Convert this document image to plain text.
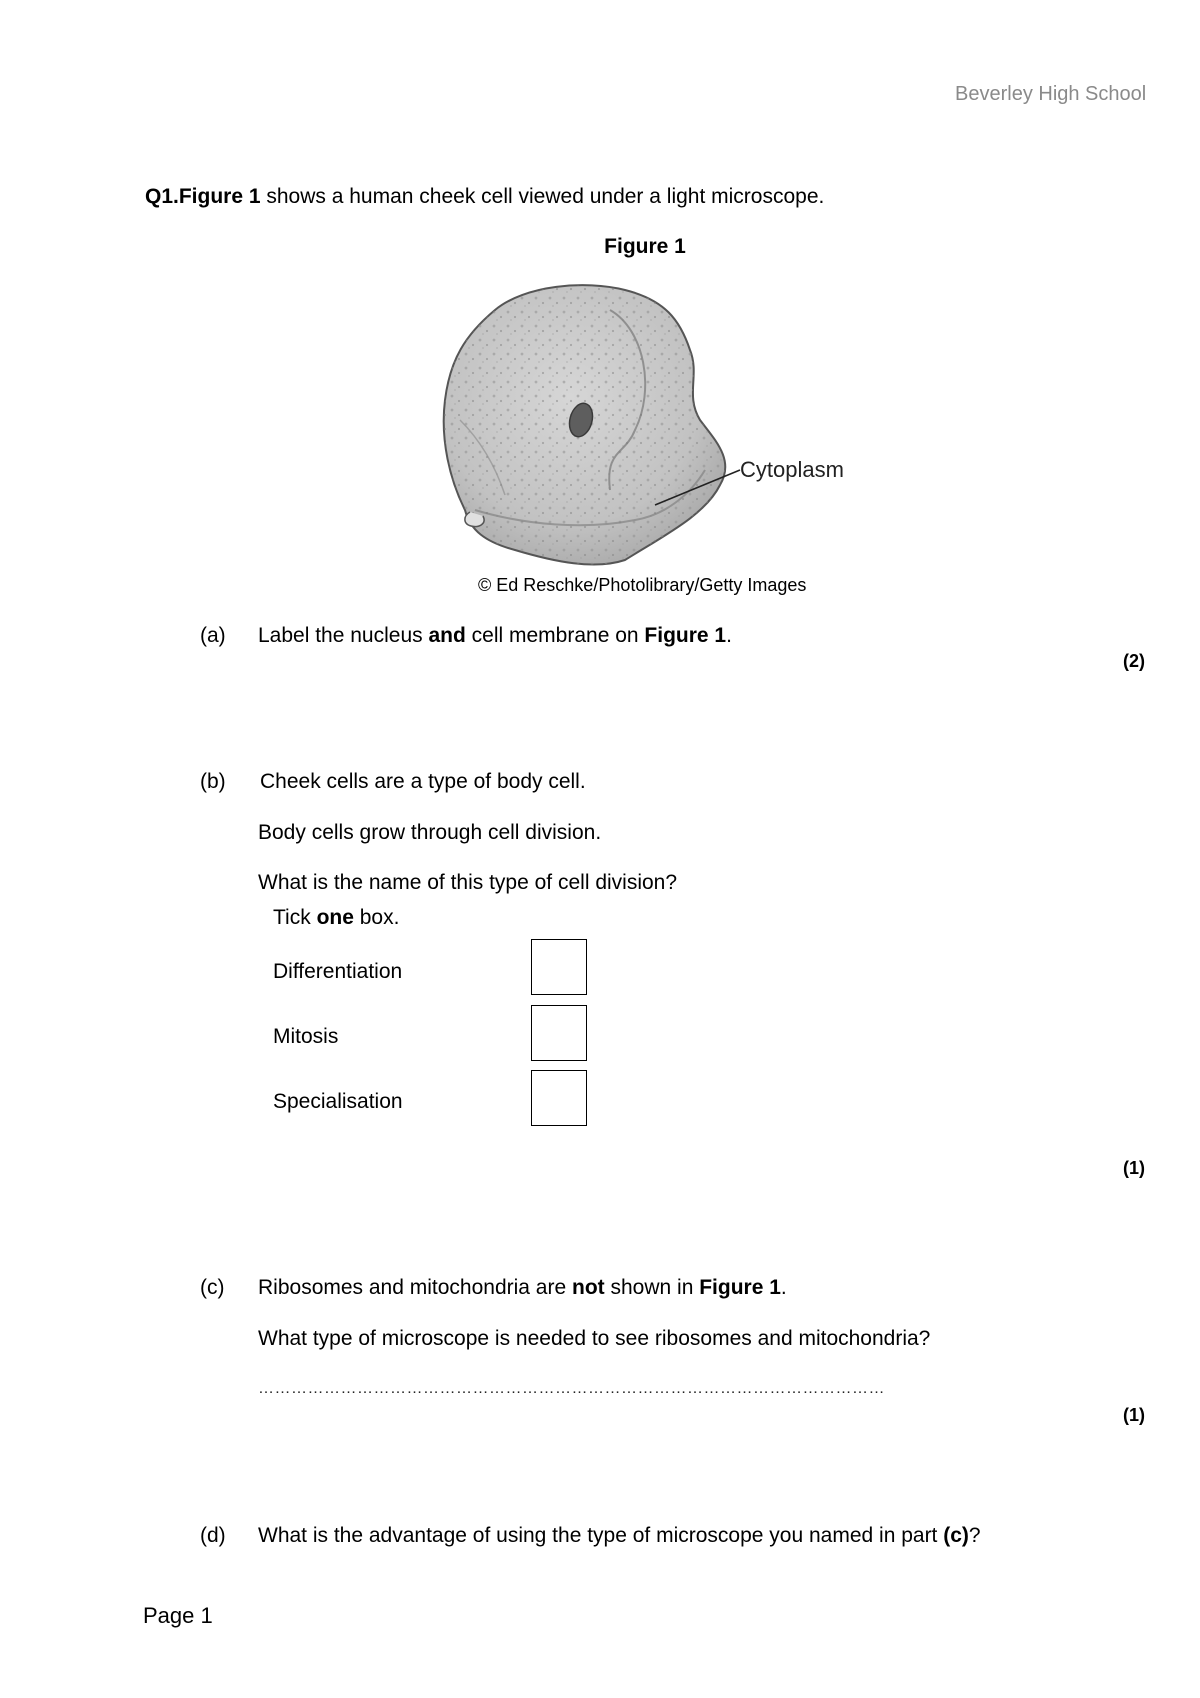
Beverley High School
Q1.Figure 1 shows a human cheek cell viewed under a light microscope.
Figure 1
Cytoplasm
© Ed Reschke/Photolibrary/Getty Images
(a) Label the nucleus and cell membrane on Figure 1.
(2)
(b) Cheek cells are a type of body cell.
Body cells grow through cell division.
What is the name of this type of cell division?
Tick one box.
Differentiation
Mitosis
Specialisation
(1)
(c) Ribosomes and mitochondria are not shown in Figure 1.
What type of microscope is needed to see ribosomes and mitochondria?
……………………………………………………………………………………………………
(1)
(d) What is the advantage of using the type of microscope you named in part (c)?
Page 1
